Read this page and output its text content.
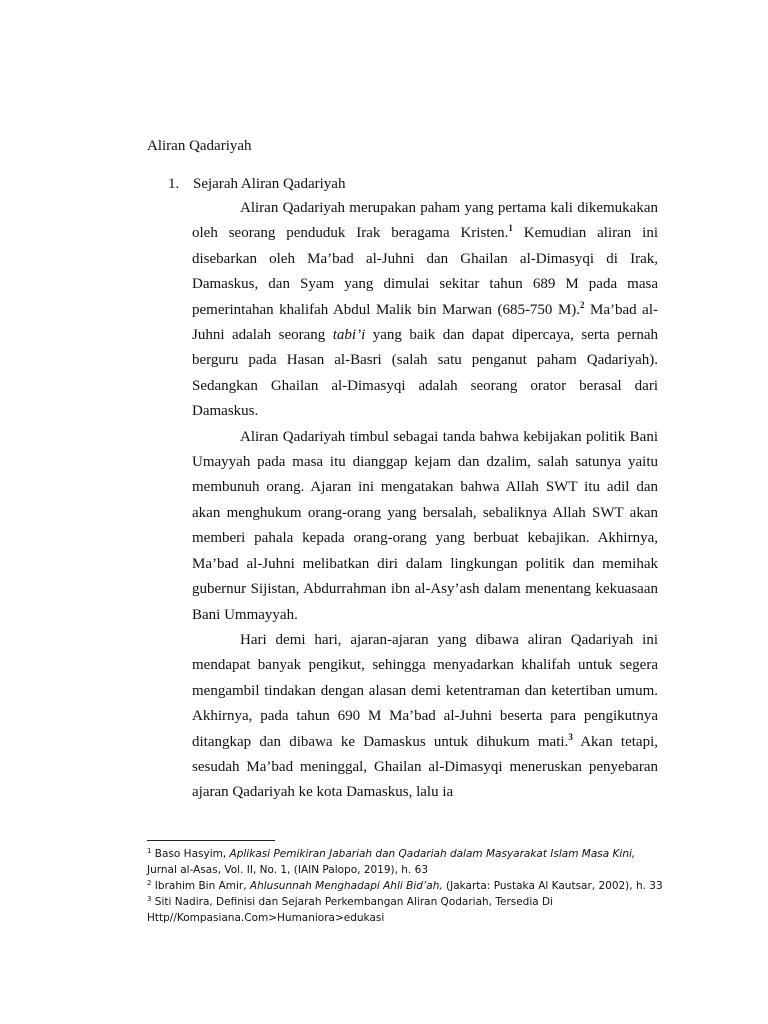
Aliran Qadariyah
1. Sejarah Aliran Qadariyah

Aliran Qadariyah merupakan paham yang pertama kali dikemukakan oleh seorang penduduk Irak beragama Kristen.$^1$ Kemudian aliran ini disebarkan oleh Ma’bad al-Juhni dan Ghailan al-Dimasyqi di Irak, Damaskus, dan Syam yang dimulai sekitar tahun 689 M pada masa pemerintahan khalifah Abdul Malik bin Marwan (685-750 M).$^2$ Ma’bad al-Juhni adalah seorang tabi’i yang baik dan dapat dipercaya, serta pernah berguru pada Hasan al-Basri (salah satu penganut paham Qadariyah). Sedangkan Ghailan al-Dimasyqi adalah seorang orator berasal dari Damaskus.

Aliran Qadariyah timbul sebagai tanda bahwa kebijakan politik Bani Umayyah pada masa itu dianggap kejam dan dzalim, salah satunya yaitu membunuh orang. Ajaran ini mengatakan bahwa Allah SWT itu adil dan akan menghukum orang-orang yang bersalah, sebaliknya Allah SWT akan memberi pahala kepada orang-orang yang berbuat kebajikan. Akhirnya, Ma’bad al-Juhni melibatkan diri dalam lingkungan politik dan memihak gubernur Sijistan, Abdurrahman ibn al-Asy’ash dalam menentang kekuasaan Bani Ummayyah.

Hari demi hari, ajaran-ajaran yang dibawa aliran Qadariyah ini mendapat banyak pengikut, sehingga menyadarkan khalifah untuk segera mengambil tindakan dengan alasan demi ketentraman dan ketertiban umum. Akhirnya, pada tahun 690 M Ma’bad al-Juhni beserta para pengikutnya ditangkap dan dibawa ke Damaskus untuk dihukum mati.$^3$ Akan tetapi, sesudah Ma’bad meninggal, Ghailan al-Dimasyqi meneruskan penyebaran ajaran Qadariyah ke kota Damaskus, lalu ia

$^1$ Baso Hasyim, Aplikasi Pemikiran Jabariah dan Qadariah dalam Masyarakat Islam Masa Kini, Jurnal al-Asas, Vol. II, No. 1, (IAIN Palopo, 2019), h. 63

$^2$ Ibrahim Bin Amir, Ahlusunnah Menghadapi Ahli Bid’ah, (Jakarta: Pustaka Al Kautsar, 2002), h. 33

$^3$ Siti Nadira, Definisi dan Sejarah Perkembangan Aliran Qodariah, Tersedia Di Http//Kompasiana.Com>Humaniora>edukasi
